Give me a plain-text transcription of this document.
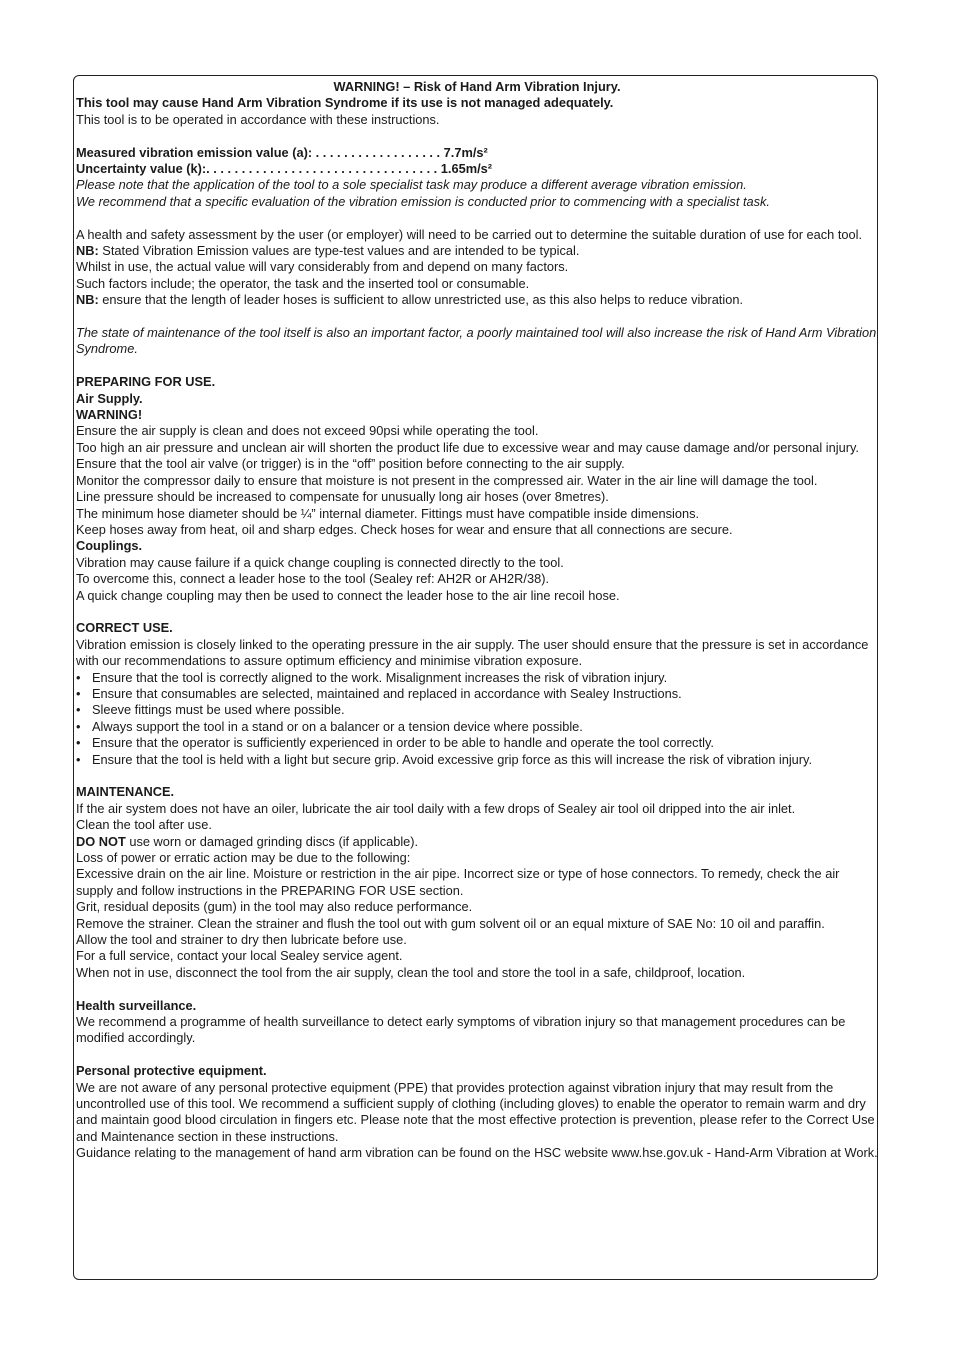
WARNING! – Risk of Hand Arm Vibration Injury.

This tool may cause Hand Arm Vibration Syndrome if its use is not managed adequately.

This tool is to be operated in accordance with these instructions.

Measured vibration emission value (a): . . . . . . . . . . . . . . . . . . 7.7m/s²

Uncertainty value (k):. . . . . . . . . . . . . . . . . . . . . . . . . . . . . . . . . 1.65m/s²

Please note that the application of the tool to a sole specialist task may produce a different average vibration emission.

We recommend that a specific evaluation of the vibration emission is conducted prior to commencing with a specialist task.

A health and safety assessment by the user (or employer) will need to be carried out to determine the suitable duration of use for each tool.

NB: Stated Vibration Emission values are type-test values and are intended to be typical.

Whilst in use, the actual value will vary considerably from and depend on many factors.

Such factors include; the operator, the task and the inserted tool or consumable.

NB: ensure that the length of leader hoses is sufficient to allow unrestricted use, as this also helps to reduce vibration.

The state of maintenance of the tool itself is also an important factor, a poorly maintained tool will also increase the risk of Hand Arm Vibration Syndrome.

PREPARING FOR USE.

Air Supply.

WARNING!

Ensure the air supply is clean and does not exceed 90psi while operating the tool.

Too high an air pressure and unclean air will shorten the product life due to excessive wear and may cause damage and/or personal injury.

Ensure that the tool air valve (or trigger) is in the “off” position before connecting to the air supply.

Monitor the compressor daily to ensure that moisture is not present in the compressed air. Water in the air line will damage the tool.

Line pressure should be increased to compensate for unusually long air hoses (over 8metres).

The minimum hose diameter should be ¼” internal diameter. Fittings must have compatible inside dimensions.

Keep hoses away from heat, oil and sharp edges. Check hoses for wear and ensure that all connections are secure.

Couplings.

Vibration may cause failure if a quick change coupling is connected directly to the tool.

To overcome this, connect a leader hose to the tool (Sealey ref: AH2R or AH2R/38).

A quick change coupling may then be used to connect the leader hose to the air line recoil hose.

CORRECT USE.

Vibration emission is closely linked to the operating pressure in the air supply. The user should ensure that the pressure is set in accordance with our recommendations to assure optimum efficiency and minimise vibration exposure.

• Ensure that the tool is correctly aligned to the work. Misalignment increases the risk of vibration injury.
• Ensure that consumables are selected, maintained and replaced in accordance with Sealey Instructions.
• Sleeve fittings must be used where possible.
• Always support the tool in a stand or on a balancer or a tension device where possible.
• Ensure that the operator is sufficiently experienced in order to be able to handle and operate the tool correctly.
• Ensure that the tool is held with a light but secure grip. Avoid excessive grip force as this will increase the risk of vibration injury.

MAINTENANCE.

If the air system does not have an oiler, lubricate the air tool daily with a few drops of Sealey air tool oil dripped into the air inlet.

Clean the tool after use.

DO NOT use worn or damaged grinding discs (if applicable).

Loss of power or erratic action may be due to the following:

Excessive drain on the air line. Moisture or restriction in the air pipe. Incorrect size or type of hose connectors. To remedy, check the air supply and follow instructions in the PREPARING FOR USE section.

Grit, residual deposits (gum) in the tool may also reduce performance.

Remove the strainer. Clean the strainer and flush the tool out with gum solvent oil or an equal mixture of SAE No: 10 oil and paraffin.

Allow the tool and strainer to dry then lubricate before use.

For a full service, contact your local Sealey service agent.

When not in use, disconnect the tool from the air supply, clean the tool and store the tool in a safe, childproof, location.

Health surveillance.

We recommend a programme of health surveillance to detect early symptoms of vibration injury so that management procedures can be modified accordingly.

Personal protective equipment.

We are not aware of any personal protective equipment (PPE) that provides protection against vibration injury that may result from the uncontrolled use of this tool. We recommend a sufficient supply of clothing (including gloves) to enable the operator to remain warm and dry and maintain good blood circulation in fingers etc. Please note that the most effective protection is prevention, please refer to the Correct Use and Maintenance section in these instructions.

Guidance relating to the management of hand arm vibration can be found on the HSC website www.hse.gov.uk - Hand-Arm Vibration at Work.
